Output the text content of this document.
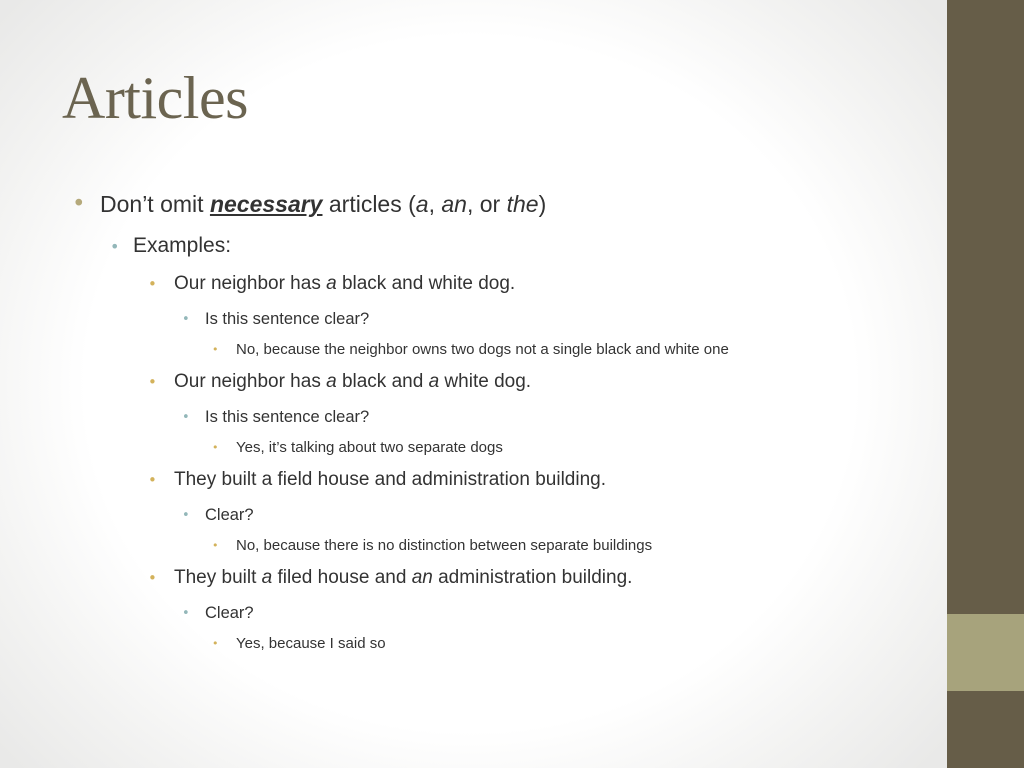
Articles
• Don’t omit necessary articles (a, an, or the)
• Examples:
• Our neighbor has a black and white dog.
• Is this sentence clear?
• No, because the neighbor owns two dogs not a single black and white one
• Our neighbor has a black and a white dog.
• Is this sentence clear?
• Yes, it’s talking about two separate dogs
• They built a field house and administration building.
• Clear?
• No, because there is no distinction between separate buildings
• They built a filed house and an administration building.
• Clear?
• Yes, because I said so
